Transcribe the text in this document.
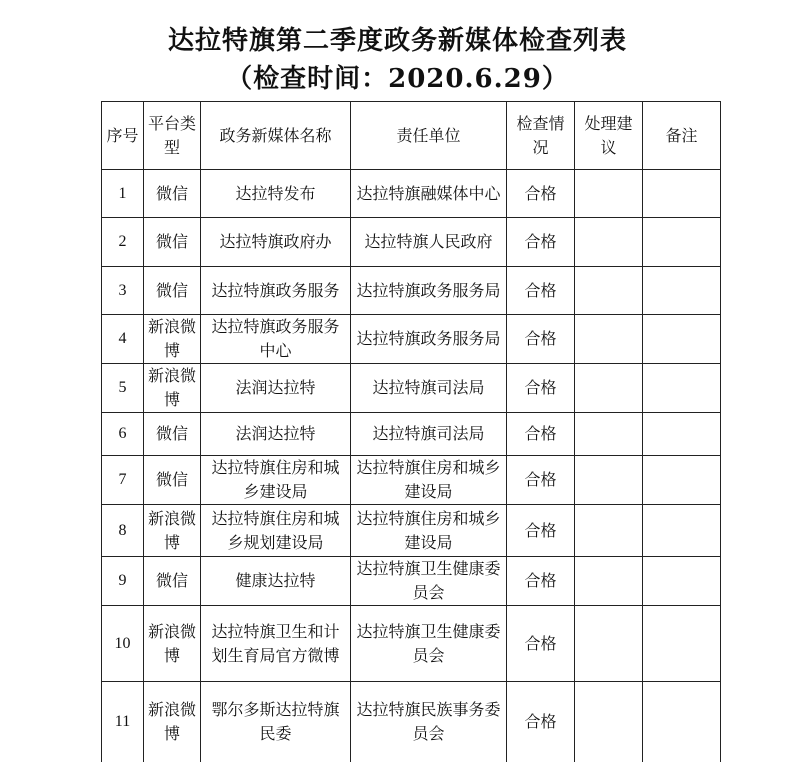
达拉特旗第二季度政务新媒体检查列表
（检查时间：2020.6.29）
序号	平台类型	政务新媒体名称	责任单位	检查情况	处理建议	备注
1	微信	达拉特发布	达拉特旗融媒体中心	合格		
2	微信	达拉特旗政府办	达拉特旗人民政府	合格		
3	微信	达拉特旗政务服务	达拉特旗政务服务局	合格		
4	新浪微博	达拉特旗政务服务中心	达拉特旗政务服务局	合格		
5	新浪微博	法润达拉特	达拉特旗司法局	合格		
6	微信	法润达拉特	达拉特旗司法局	合格		
7	微信	达拉特旗住房和城乡建设局	达拉特旗住房和城乡建设局	合格		
8	新浪微博	达拉特旗住房和城乡规划建设局	达拉特旗住房和城乡建设局	合格		
9	微信	健康达拉特	达拉特旗卫生健康委员会	合格		
10	新浪微博	达拉特旗卫生和计划生育局官方微博	达拉特旗卫生健康委员会	合格		
11	新浪微博	鄂尔多斯达拉特旗民委	达拉特旗民族事务委员会	合格		
